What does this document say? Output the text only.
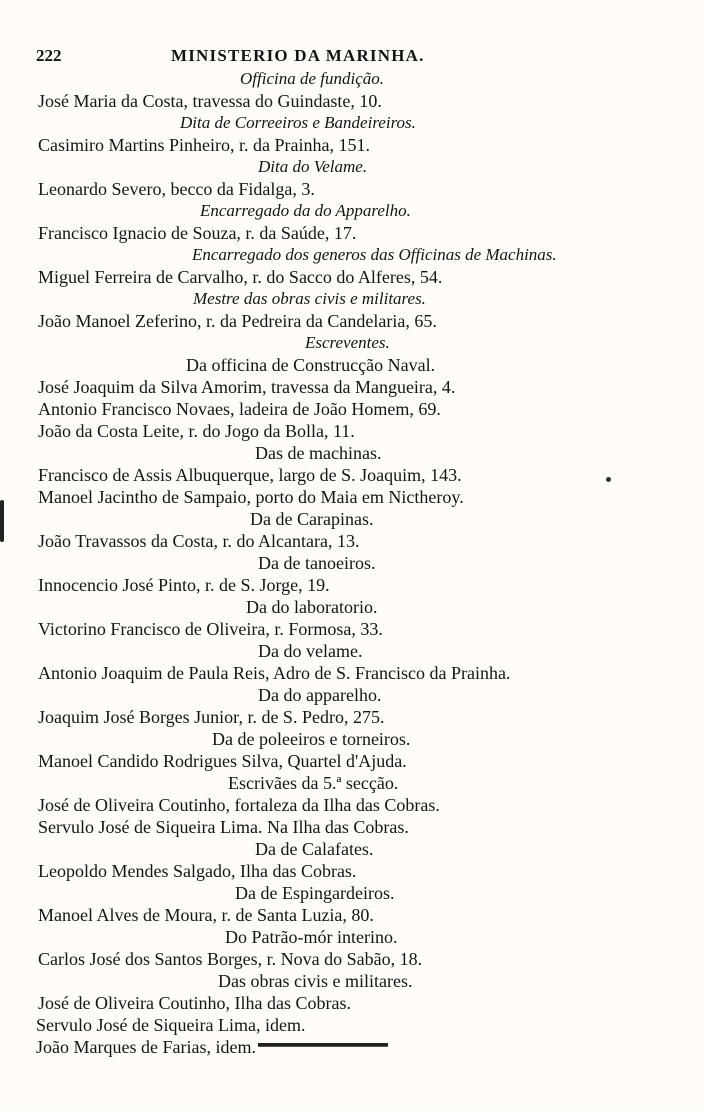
222	MINISTERIO DA MARINHA.
Officina de fundição.
José Maria da Costa, travessa do Guindaste, 10.
Dita de Correeiros e Bandeireiros.
Casimiro Martins Pinheiro, r. da Prainha, 151.
Dita do Velame.
Leonardo Severo, becco da Fidalga, 3.
Encarregado da do Apparelho.
Francisco Ignacio de Souza, r. da Saúde, 17.
Encarregado dos generos das Officinas de Machinas.
Miguel Ferreira de Carvalho, r. do Sacco do Alferes, 54.
Mestre das obras civis e militares.
João Manoel Zeferino, r. da Pedreira da Candelaria, 65.
Escreventes.
Da officina de Construcção Naval.
José Joaquim da Silva Amorim, travessa da Mangueira, 4.
Antonio Francisco Novaes, ladeira de João Homem, 69.
João da Costa Leite, r. do Jogo da Bolla, 11.
Das de machinas.
Francisco de Assis Albuquerque, largo de S. Joaquim, 143.
Manoel Jacintho de Sampaio, porto do Maia em Nictheroy.
Da de Carapinas.
João Travassos da Costa, r. do Alcantara, 13.
Da de tanoeiros.
Innocencio José Pinto, r. de S. Jorge, 19.
Da do laboratorio.
Victorino Francisco de Oliveira, r. Formosa, 33.
Da do velame.
Antonio Joaquim de Paula Reis, Adro de S. Francisco da Prainha.
Da do apparelho.
Joaquim José Borges Junior, r. de S. Pedro, 275.
Da de poleeiros e torneiros.
Manoel Candido Rodrigues Silva, Quartel d'Ajuda.
Escrivães da 5.ª secção.
José de Oliveira Coutinho, fortaleza da Ilha das Cobras.
Servulo José de Siqueira Lima. Na Ilha das Cobras.
Da de Calafates.
Leopoldo Mendes Salgado, Ilha das Cobras.
Da de Espingardeiros.
Manoel Alves de Moura, r. de Santa Luzia, 80.
Do Patrão-mór interino.
Carlos José dos Santos Borges, r. Nova do Sabão, 18.
Das obras civis e militares.
José de Oliveira Coutinho, Ilha das Cobras.
Servulo José de Siqueira Lima, idem.
João Marques de Farias, idem.
